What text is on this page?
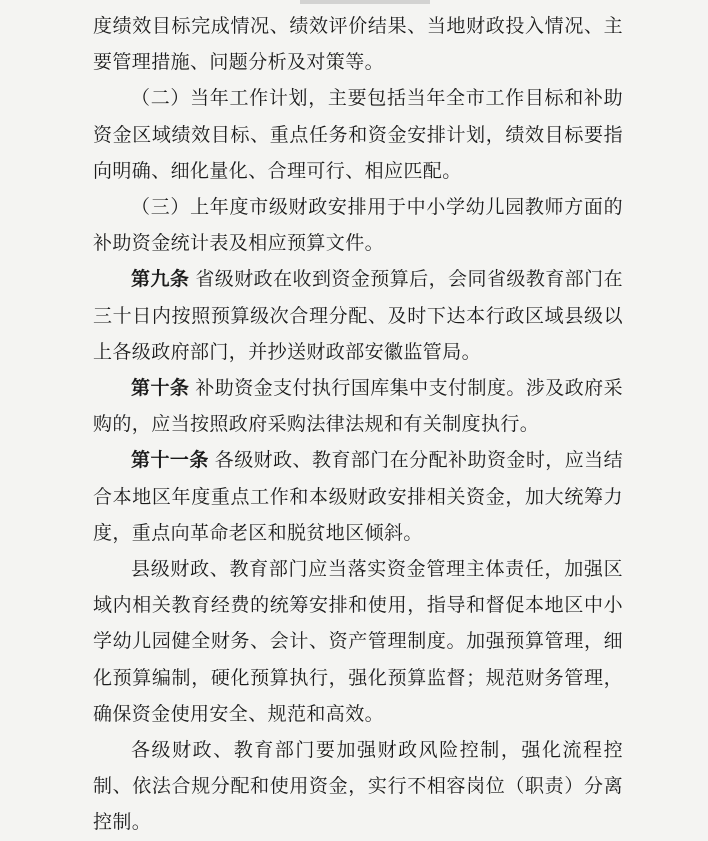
度绩效目标完成情况、绩效评价结果、当地财政投入情况、主要管理措施、问题分析及对策等。

（二）当年工作计划，主要包括当年全市工作目标和补助资金区域绩效目标、重点任务和资金安排计划，绩效目标要指向明确、细化量化、合理可行、相应匹配。

（三）上年度市级财政安排用于中小学幼儿园教师方面的补助资金统计表及相应预算文件。

第九条 省级财政在收到资金预算后，会同省级教育部门在三十日内按照预算级次合理分配、及时下达本行政区域县级以上各级政府部门，并抄送财政部安徽监管局。

第十条 补助资金支付执行国库集中支付制度。涉及政府采购的，应当按照政府采购法律法规和有关制度执行。

第十一条 各级财政、教育部门在分配补助资金时，应当结合本地区年度重点工作和本级财政安排相关资金，加大统筹力度，重点向革命老区和脱贫地区倾斜。

县级财政、教育部门应当落实资金管理主体责任，加强区域内相关教育经费的统筹安排和使用，指导和督促本地区中小学幼儿园健全财务、会计、资产管理制度。加强预算管理，细化预算编制，硬化预算执行，强化预算监督；规范财务管理，确保资金使用安全、规范和高效。

各级财政、教育部门要加强财政风险控制，强化流程控制、依法合规分配和使用资金，实行不相容岗位（职责）分离控制。
